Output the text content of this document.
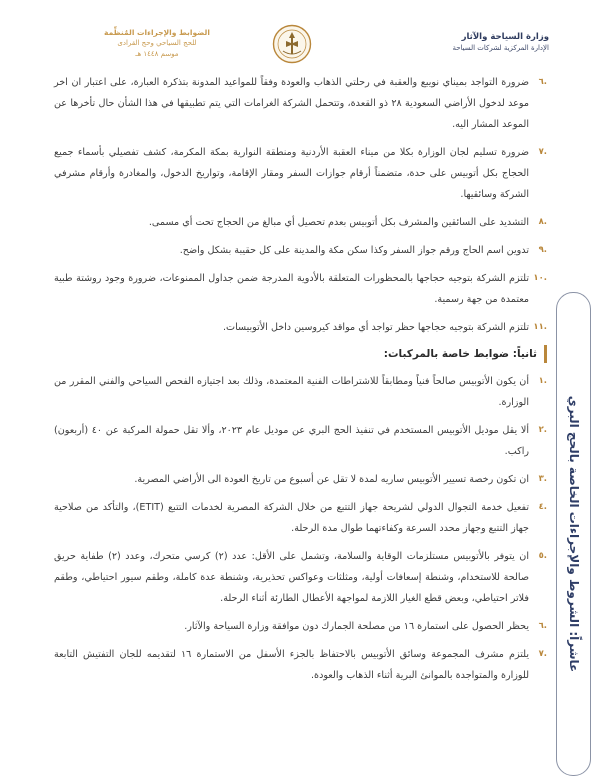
وزارة السياحة والآثار
الإدارة المركزية لشركات السياحة
الضوابط والإجراءات المُنظِّمة
للحج السياحي وحج القرادى
موسم ١٤٤٨ هـ
.٦
ضرورة التواجد بميناي نويبع والعقبة في رحلتي الذهاب والعودة وفقاً للمواعيد المدونة بتذكرة العبارة، على اعتبار ان اخر موعد لدخول الأراضي السعودية ٢٨ ذو القعدة، وتتحمل الشركة الغرامات التي يتم تطبيقها في هذا الشأن حال تأخرها عن الموعد المشار اليه.
.٧
ضرورة تسليم لجان الوزارة بكلا من ميناء العقبة الأردنية ومنطقة النوارية بمكة المكرمة، كشف تفصيلي بأسماء جميع الحجاج بكل أتوبيس على حدة، متضمناً أرقام جوازات السفر ومقار الإقامة، وتواريخ الدخول، والمغادرة وأرقام مشرفي الشركة وسائقيها.
.٨
التشديد على السائقين والمشرف بكل أتوبيس بعدم تحصيل أي مبالغ من الحجاج تحت أي مسمى.
.٩
تدوين اسم الحاج ورقم جواز السفر وكذا سكن مكة والمدينة على كل حقيبة بشكل واضح.
.١٠
تلتزم الشركة بتوجيه حجاجها بالمحظورات المتعلقة بالأدوية المدرجة ضمن جداول الممنوعات، ضرورة وجود روشتة طبية معتمدة من جهة رسمية.
.١١
تلتزم الشركة بتوجيه حجاجها حظر تواجد أي مواقد كيروسين داخل الأتوبيسات.
ثانياً: ضوابط خاصة بالمركبات:
.١
أن يكون الأتوبيس صالحاً فنياً ومطابقاً للاشتراطات الفنية المعتمدة، وذلك بعد اجتيازه الفحص السياحي والفني المقرر من الوزارة.
.٢
ألا يقل موديل الأتوبيس المستخدم في تنفيذ الحج البري عن موديل عام ٢٠٢٣، وألا تقل حمولة المركبة عن ٤٠ (أربعون) راكب.
.٣
ان تكون رخصة تسيير الأتوبيس ساريه لمدة لا تقل عن أسبوع من تاريخ العودة الى الأراضي المصرية.
.٤
تفعيل خدمة التجوال الدولي لشريحة جهاز التتبع من خلال الشركة المصرية لخدمات التتبع (ETIT)، والتأكد من صلاحية جهاز التتبع وجهاز محدد السرعة وكفاءتهما طوال مدة الرحلة.
.٥
ان يتوفر بالأتوبيس مستلزمات الوقاية والسلامة، وتشمل على الأقل: عدد (٢) كرسي متحرك، وعدد (٢) طفاية حريق صالحة للاستخدام، وشنطة إسعافات أولية، ومثلثات وعواكس تحذيرية، وشنطة عدة كاملة، وطقم سيور احتياطي، وطقم فلاتر احتياطي، وبعض قطع الغيار اللازمة لمواجهة الأعطال الطارئة أثناء الرحلة.
.٦
يحظر الحصول على استمارة ١٦ من مصلحة الجمارك دون موافقة وزارة السياحة والآثار.
.٧
يلتزم مشرف المجموعة وسائق الأتوبيس بالاحتفاظ بالجزء الأسفل من الاستمارة ١٦ لتقديمه للجان التفتيش التابعة للوزارة والمتواجدة بالموانئ البرية أثناء الذهاب والعودة.
عاشراً: الشروط والإجراءات الخاصة بالحج البري
